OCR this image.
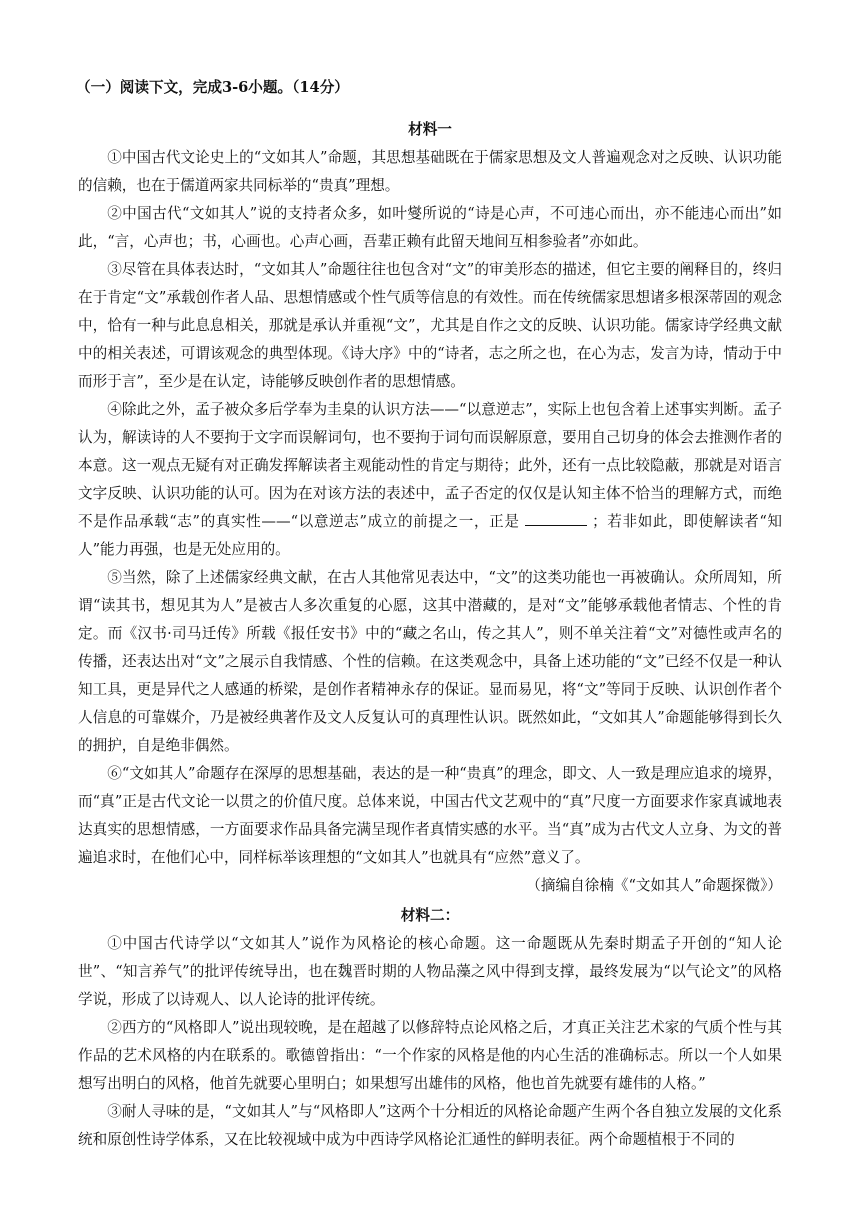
（一）阅读下文，完成3-6小题。（14分）
材料一

①中国古代文论史上的“文如其人”命题，其思想基础既在于儒家思想及文人普遍观念对之反映、认识功能的信赖，也在于儒道两家共同标举的“贵真”理想。

②中国古代“文如其人”说的支持者众多，如叶燮所说的“诗是心声，不可违心而出，亦不能违心而出”如此，“言，心声也；书，心画也。心声心画，吾辈正赖有此留天地间互相参验者”亦如此。

③尽管在具体表达时，“文如其人”命题往往也包含对“文”的审美形态的描述，但它主要的阐释目的，终归在于肯定“文”承载创作者人品、思想情感或个性气质等信息的有效性。而在传统儒家思想诸多根深蒂固的观念中，恰有一种与此息息相关，那就是承认并重视“文”，尤其是自作之文的反映、认识功能。儒家诗学经典文献中的相关表述，可谓该观念的典型体现。《诗大序》中的“诗者，志之所之也，在心为志，发言为诗，情动于中而形于言”，至少是在认定，诗能够反映创作者的思想情感。

④除此之外，孟子被众多后学奉为圭臬的认识方法——“以意逆志”，实际上也包含着上述事实判断。孟子认为，解读诗的人不要拘于文字而误解词句，也不要拘于词句而误解原意，要用自己切身的体会去推测作者的本意。这一观点无疑有对正确发挥解读者主观能动性的肯定与期待；此外，还有一点比较隐蔽，那就是对语言文字反映、认识功能的认可。因为在对该方法的表述中，孟子否定的仅仅是认知主体不恰当的理解方式，而绝不是作品承载“志”的真实性——“以意逆志”成立的前提之一，正是	；若非如此，即使解读者“知人”能力再强，也是无处应用的。

⑤当然，除了上述儒家经典文献，在古人其他常见表达中，“文”的这类功能也一再被确认。众所周知，所谓“读其书，想见其为人”是被古人多次重复的心愿，这其中潜藏的，是对“文”能够承载他者情志、个性的肯定。而《汉书·司马迁传》所载《报任安书》中的“藏之名山，传之其人”，则不单关注着“文”对德性或声名的传播，还表达出对“文”之展示自我情感、个性的信赖。在这类观念中，具备上述功能的“文”已经不仅是一种认知工具，更是异代之人感通的桥梁，是创作者精神永存的保证。显而易见，将“文”等同于反映、认识创作者个人信息的可靠媒介，乃是被经典著作及文人反复认可的真理性认识。既然如此，“文如其人”命题能够得到长久的拥护，自是绝非偶然。

⑥“文如其人”命题存在深厚的思想基础，表达的是一种“贵真”的理念，即文、人一致是理应追求的境界，而“真”正是古代文论一以贯之的价值尺度。总体来说，中国古代文艺观中的“真”尺度一方面要求作家真诚地表达真实的思想情感，一方面要求作品具备完满呈现作者真情实感的水平。当“真”成为古代文人立身、为文的普遍追求时，在他们心中，同样标举该理想的“文如其人”也就具有“应然”意义了。

（摘编自徐楠《“文如其人”命题探微》）

材料二：

①中国古代诗学以“文如其人”说作为风格论的核心命题。这一命题既从先秦时期孟子开创的“知人论世”、“知言养气”的批评传统导出，也在魏晋时期的人物品藻之风中得到支撑，最终发展为“以气论文”的风格学说，形成了以诗观人、以人论诗的批评传统。

②西方的“风格即人”说出现较晚，是在超越了以修辞特点论风格之后，才真正关注艺术家的气质个性与其作品的艺术风格的内在联系的。歌德曾指出：“一个作家的风格是他的内心生活的准确标志。所以一个人如果想写出明白的风格，他首先就要心里明白；如果想写出雄伟的风格，他也首先就要有雄伟的人格。”

③耐人寻味的是，“文如其人”与“风格即人”这两个十分相近的风格论命题产生两个各自独立发展的文化系统和原创性诗学体系，又在比较视域中成为中西诗学风格论汇通性的鲜明表征。两个命题植根于不同的
